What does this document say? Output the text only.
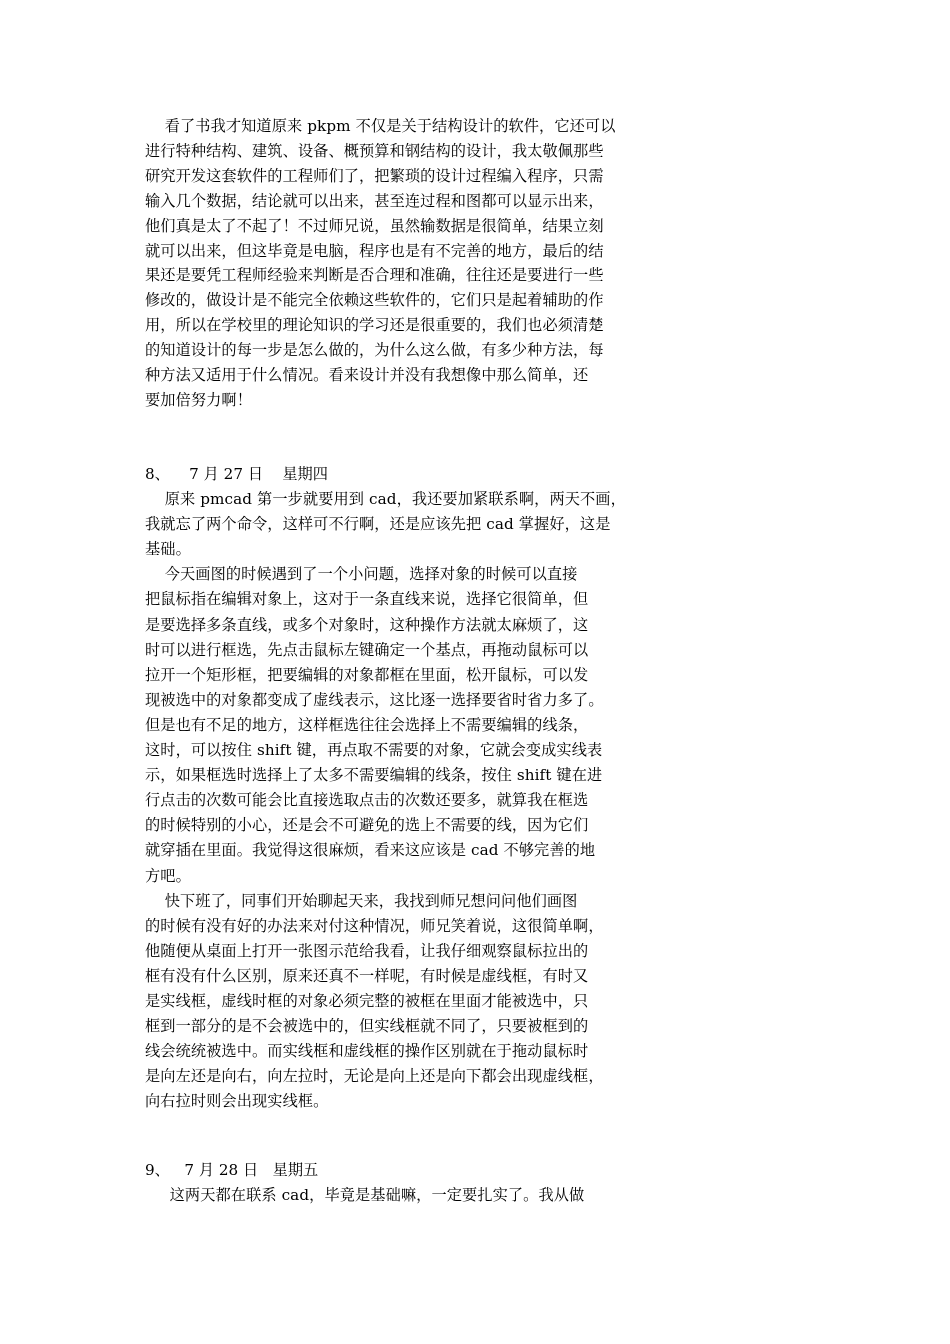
看了书我才知道原来 pkpm 不仅是关于结构设计的软件，它还可以
进行特种结构、建筑、设备、概预算和钢结构的设计，我太敬佩那些
研究开发这套软件的工程师们了，把繁琐的设计过程编入程序，只需
输入几个数据，结论就可以出来，甚至连过程和图都可以显示出来，
他们真是太了不起了！不过师兄说，虽然输数据是很简单，结果立刻
就可以出来，但这毕竟是电脑，程序也是有不完善的地方，最后的结
果还是要凭工程师经验来判断是否合理和准确，往往还是要进行一些
修改的，做设计是不能完全依赖这些软件的，它们只是起着辅助的作
用，所以在学校里的理论知识的学习还是很重要的，我们也必须清楚
的知道设计的每一步是怎么做的，为什么这么做，有多少种方法，每
种方法又适用于什么情况。看来设计并没有我想像中那么简单，还
要加倍努力啊！
8、    7 月 27 日    星期四
原来 pmcad 第一步就要用到 cad，我还要加紧联系啊，两天不画，
我就忘了两个命令，这样可不行啊，还是应该先把 cad 掌握好，这是
基础。
今天画图的时候遇到了一个小问题，选择对象的时候可以直接
把鼠标指在编辑对象上，这对于一条直线来说，选择它很简单，但
是要选择多条直线，或多个对象时，这种操作方法就太麻烦了，这
时可以进行框选，先点击鼠标左键确定一个基点，再拖动鼠标可以
拉开一个矩形框，把要编辑的对象都框在里面，松开鼠标，可以发
现被选中的对象都变成了虚线表示，这比逐一选择要省时省力多了。
但是也有不足的地方，这样框选往往会选择上不需要编辑的线条，
这时，可以按住 shift 键，再点取不需要的对象，它就会变成实线表
示，如果框选时选择上了太多不需要编辑的线条，按住 shift 键在进
行点击的次数可能会比直接选取点击的次数还要多，就算我在框选
的时候特别的小心，还是会不可避免的选上不需要的线，因为它们
就穿插在里面。我觉得这很麻烦，看来这应该是 cad 不够完善的地
方吧。
快下班了，同事们开始聊起天来，我找到师兄想问问他们画图
的时候有没有好的办法来对付这种情况，师兄笑着说，这很简单啊，
他随便从桌面上打开一张图示范给我看，让我仔细观察鼠标拉出的
框有没有什么区别，原来还真不一样呢，有时候是虚线框，有时又
是实线框，虚线时框的对象必须完整的被框在里面才能被选中，只
框到一部分的是不会被选中的，但实线框就不同了，只要被框到的
线会统统被选中。而实线框和虚线框的操作区别就在于拖动鼠标时
是向左还是向右，向左拉时，无论是向上还是向下都会出现虚线框，
向右拉时则会出现实线框。
9、   7 月 28 日   星期五
这两天都在联系 cad，毕竟是基础嘛，一定要扎实了。我从做
